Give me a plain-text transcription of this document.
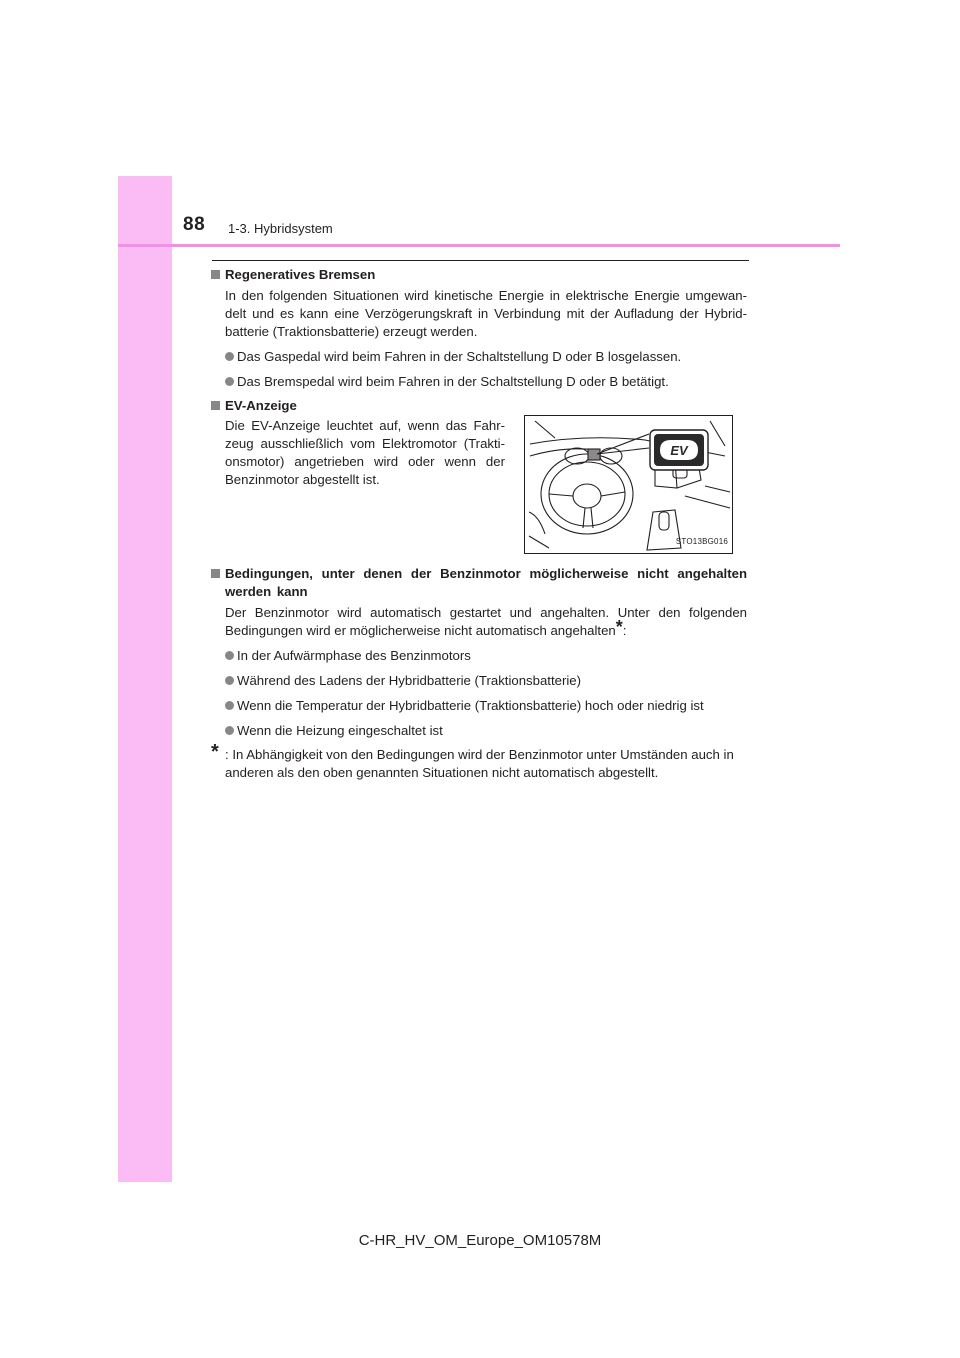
88 1-3. Hybridsystem
Regeneratives Bremsen

In den folgenden Situationen wird kinetische Energie in elektrische Energie umgewan-delt und es kann eine Verzögerungskraft in Verbindung mit der Aufladung der Hybrid-batterie (Traktionsbatterie) erzeugt werden.

Das Gaspedal wird beim Fahren in der Schaltstellung D oder B losgelassen.
Das Bremspedal wird beim Fahren in der Schaltstellung D oder B betätigt.
EV-Anzeige

Die EV-Anzeige leuchtet auf, wenn das Fahr-zeug ausschließlich vom Elektromotor (Trakti-onsmotor) angetrieben wird oder wenn der Benzinmotor abgestellt ist.

EV
STO13BG016
Bedingungen, unter denen der Benzinmotor möglicherweise nicht angehalten werden kann

Der Benzinmotor wird automatisch gestartet und angehalten. Unter den folgenden Bedingungen wird er möglicherweise nicht automatisch angehalten*:

In der Aufwärmphase des Benzinmotors
Während des Ladens der Hybridbatterie (Traktionsbatterie)
Wenn die Temperatur der Hybridbatterie (Traktionsbatterie) hoch oder niedrig ist
Wenn die Heizung eingeschaltet ist
* : In Abhängigkeit von den Bedingungen wird der Benzinmotor unter Umständen auch in anderen als den oben genannten Situationen nicht automatisch abgestellt.
C-HR_HV_OM_Europe_OM10578M
